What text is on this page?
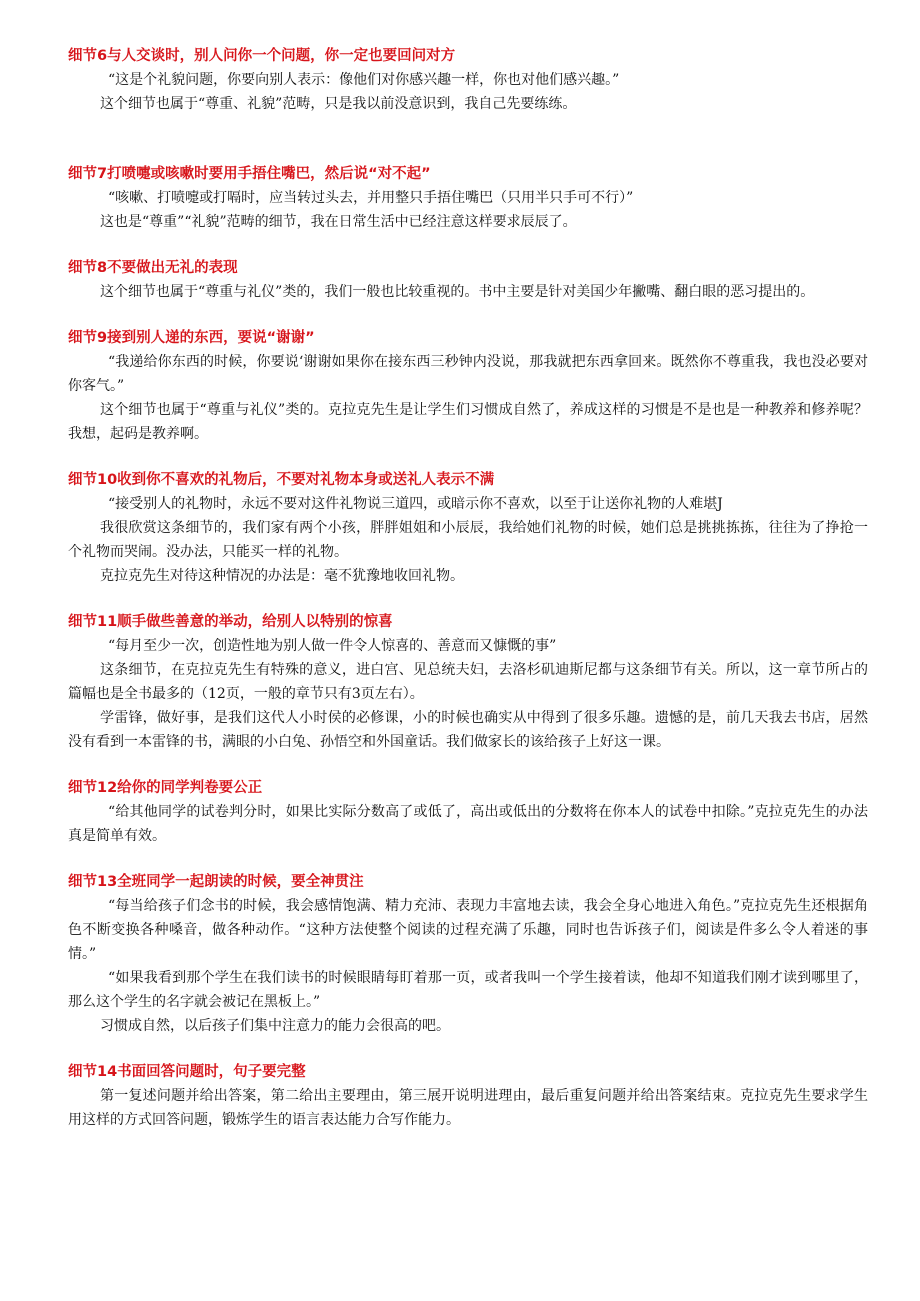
细节6与人交谈时，别人问你一个问题，你一定也要回问对方

“这是个礼貌问题，你要向别人表示：像他们对你感兴趣一样，你也对他们感兴趣。”

这个细节也属于“尊重、礼貌”范畴，只是我以前没意识到，我自己先要练练。

细节7打喷嚏或咳嗽时要用手捂住嘴巴，然后说“对不起”

“咳嗽、打喷嚏或打嗝时，应当转过头去，并用整只手捂住嘴巴（只用半只手可不行）”

这也是“尊重”“礼貌”范畴的细节，我在日常生活中已经注意这样要求辰辰了。

细节8不要做出无礼的表现

这个细节也属于“尊重与礼仪”类的，我们一般也比较重视的。书中主要是针对美国少年撇嘴、翻白眼的恶习提出的。

细节9接到别人递的东西，要说“谢谢”

“我递给你东西的时候，你要说‘谢谢如果你在接东西三秒钟内没说，那我就把东西拿回来。既然你不尊重我，我也没必要对你客气。”

这个细节也属于“尊重与礼仪”类的。克拉克先生是让学生们习惯成自然了，养成这样的习惯是不是也是一种教养和修养呢？我想，起码是教养啊。

细节10收到你不喜欢的礼物后，不要对礼物本身或送礼人表示不满

“接受别人的礼物时，永远不要对这件礼物说三道四，或暗示你不喜欢，以至于让送你礼物的人难堪J

我很欣赏这条细节的，我们家有两个小孩，胖胖姐姐和小辰辰，我给她们礼物的时候，她们总是挑挑拣拣，往往为了挣抢一个礼物而哭闹。没办法，只能买一样的礼物。

克拉克先生对待这种情况的办法是：毫不犹豫地收回礼物。

细节11顺手做些善意的举动，给别人以特别的惊喜

“每月至少一次，创造性地为别人做一件令人惊喜的、善意而又慷慨的事”

这条细节，在克拉克先生有特殊的意义，进白宫、见总统夫妇，去洛杉矶迪斯尼都与这条细节有关。所以，这一章节所占的篇幅也是全书最多的（12页，一般的章节只有3页左右）。

学雷锋，做好事，是我们这代人小时侯的必修课，小的时候也确实从中得到了很多乐趣。遗憾的是，前几天我去书店，居然没有看到一本雷锋的书，满眼的小白兔、孙悟空和外国童话。我们做家长的该给孩子上好这一课。

细节12给你的同学判卷要公正

“给其他同学的试卷判分时，如果比实际分数高了或低了，高出或低出的分数将在你本人的试卷中扣除。”克拉克先生的办法真是简单有效。

细节13全班同学一起朗读的时候，要全神贯注

“每当给孩子们念书的时候，我会感情饱满、精力充沛、表现力丰富地去读，我会全身心地进入角色。”克拉克先生还根据角色不断变换各种嗓音，做各种动作。“这种方法使整个阅读的过程充满了乐趣，同时也告诉孩子们，阅读是件多么令人着迷的事情。”

“如果我看到那个学生在我们读书的时候眼睛每盯着那一页，或者我叫一个学生接着读，他却不知道我们刚才读到哪里了，那么这个学生的名字就会被记在黑板上。”

习惯成自然，以后孩子们集中注意力的能力会很高的吧。

细节14书面回答问题时，句子要完整

第一复述问题并给出答案，第二给出主要理由，第三展开说明进理由，最后重复问题并给出答案结束。克拉克先生要求学生用这样的方式回答问题，锻炼学生的语言表达能力合写作能力。
